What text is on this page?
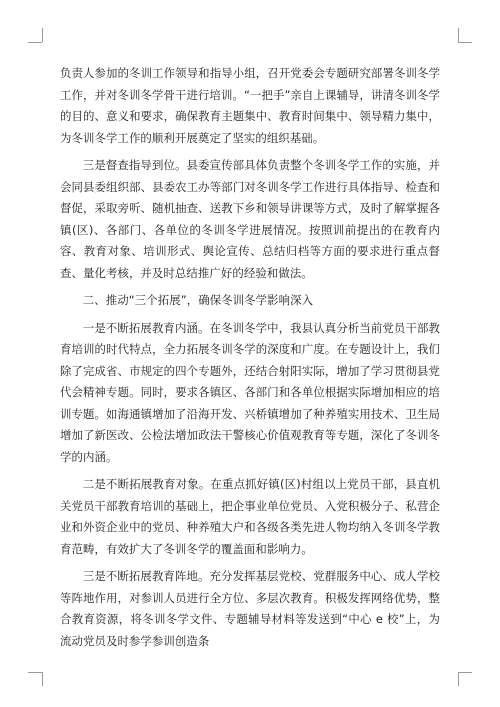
负责人参加的冬训工作领导和指导小组，召开党委会专题研究部署冬训冬学工作，并对冬训冬学骨干进行培训。“一把手”亲自上课辅导，讲清冬训冬学的目的、意义和要求，确保教育主题集中、教育时间集中、领导精力集中，为冬训冬学工作的顺利开展奠定了坚实的组织基础。

三是督查指导到位。县委宣传部具体负责整个冬训冬学工作的实施，并会同县委组织部、县委农工办等部门对冬训冬学工作进行具体指导、检查和督促，采取旁听、随机抽查、送教下乡和领导讲课等方式，及时了解掌握各镇(区)、各部门、各单位的冬训冬学进展情况。按照训前提出的在教育内容、教育对象、培训形式、舆论宣传、总结归档等方面的要求进行重点督查、量化考核，并及时总结推广好的经验和做法。

二、推动“三个拓展”，确保冬训冬学影响深入

一是不断拓展教育内涵。在冬训冬学中，我县认真分析当前党员干部教育培训的时代特点，全力拓展冬训冬学的深度和广度。在专题设计上，我们除了完成省、市规定的四个专题外，还结合射阳实际，增加了学习贯彻县党代会精神专题。同时，要求各镇区、各部门和各单位根据实际增加相应的培训专题。如海通镇增加了沿海开发、兴桥镇增加了种养殖实用技术、卫生局增加了新医改、公检法增加政法干警核心价值观教育等专题，深化了冬训冬学的内涵。

二是不断拓展教育对象。在重点抓好镇(区)村组以上党员干部，县直机关党员干部教育培训的基础上，把企事业单位党员、入党积极分子、私营企业和外资企业中的党员、种养殖大户和各级各类先进人物均纳入冬训冬学教育范畴，有效扩大了冬训冬学的覆盖面和影响力。

三是不断拓展教育阵地。充分发挥基层党校、党群服务中心、成人学校等阵地作用，对参训人员进行全方位、多层次教育。积极发挥网络优势，整合教育资源，将冬训冬学文件、专题辅导材料等发送到“中心 e 校”上，为流动党员及时参学参训创造条
